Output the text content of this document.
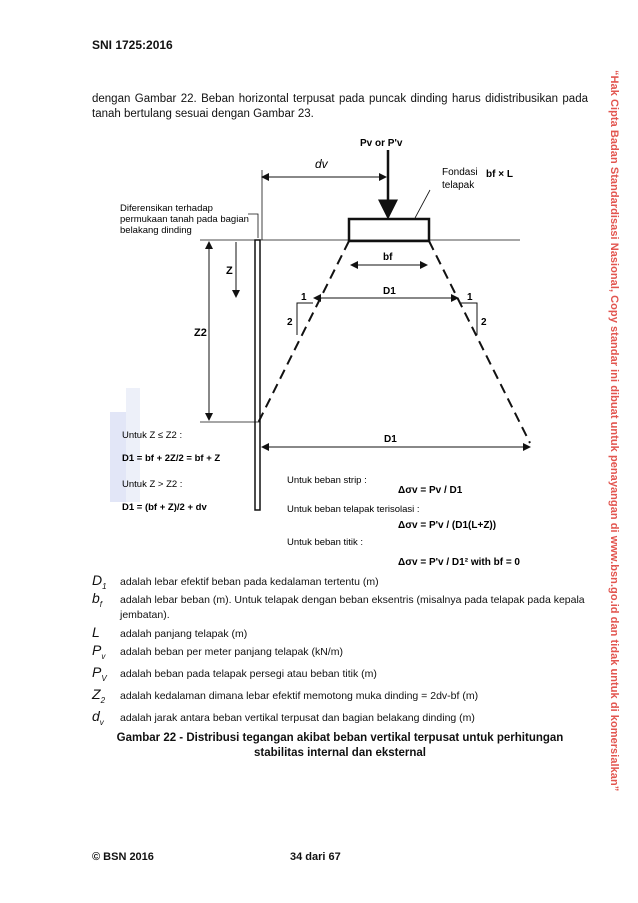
SNI 1725:2016
dengan Gambar 22. Beban horizontal terpusat pada puncak dinding harus didistribusikan pada tanah bertulang sesuai dengan Gambar 23.	“Hak Cipta Badan Standardisasi Nasional, Copy standar ini dibuat untuk penayangan di www.bsn.go.id dan tidak untuk di komersialkan”
Pv or P'v
dv
Fondasi telapak
bf × L
Diferensikan terhadap permukaan tanah pada bagian belakang dinding
bf
D1
1
2
1
2
Z
Z2
D1
Untuk Z ≤ Z2 :
D1 = bf + 2Z/2 = bf + Z
Untuk Z > Z2 :
D1 = (bf + Z)/2 + dv
Untuk beban strip :
Δσv = Pv / D1
Untuk beban telapak terisolasi :
Δσv = P'v / (D1(L+Z))
Untuk beban titik :
Δσv = P'v / D1² with bf = 0
$D_1$ adalah lebar efektif beban pada kedalaman tertentu (m)
$b_f$ adalah lebar beban (m). Untuk telapak dengan beban eksentris (misalnya pada telapak pada kepala jembatan).
L adalah panjang telapak (m)
$P_v$ adalah beban per meter panjang telapak (kN/m)
$P_V$ adalah beban pada telapak persegi atau beban titik (m)
$Z_2$ adalah kedalaman dimana lebar efektif memotong muka dinding = 2dv-bf (m)
$d_v$ adalah jarak antara beban vertikal terpusat dan bagian belakang dinding (m)
Gambar 22 - Distribusi tegangan akibat beban vertikal terpusat untuk perhitungan stabilitas internal dan eksternal
© BSN 2016	34 dari 67
